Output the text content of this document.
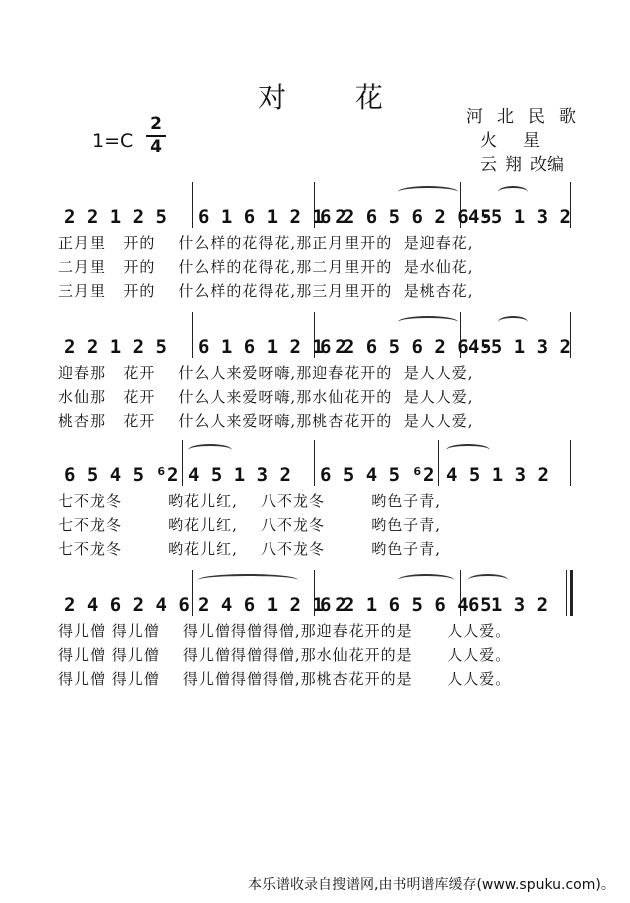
对 花
1=C
2
4
河北民歌
火星
云翔改编
2 2 1 2 5 6 1 6 1 2 1 2
6 2 6 5 6 2 6 5
4·5 1 3 2
正月里 开的 什么样的花得花,那正月里开的 是迎春花,
二月里 开的 什么样的花得花,那二月里开的 是水仙花,
三月里 开的 什么样的花得花,那三月里开的 是桃杏花,
2 2 1 2 5 6 1 6 1 2 1 2
6 2 6 5 6 2 6 5
4·5 1 3 2
迎春那 花开 什么人来爱呀嗨,那迎春花开的 是人人爱,
水仙那 花开 什么人来爱呀嗨,那水仙花开的 是人人爱,
桃杏那 花开 什么人来爱呀嗨,那桃杏花开的 是人人爱,
6 5 4 5 ⁶2 4 5 1 3 2 6 5 4 5 ⁶2 4 5 1 3 2
七不龙冬	哟花儿红, 八不龙冬	哟色子青,
七不龙冬	哟花儿红, 八不龙冬	哟色子青,
七不龙冬	哟花儿红, 八不龙冬	哟色子青,
2 4 6 2 4 6 2 4 6 1 2 1 2
6 2 1 6 5 6 4 5
6 1 3 2
得儿僧 得儿僧 得儿僧得僧得僧,那迎春花开的是 人人爱。
得儿僧 得儿僧 得儿僧得僧得僧,那水仙花开的是 人人爱。
得儿僧 得儿僧 得儿僧得僧得僧,那桃杏花开的是 人人爱。
本乐谱收录自搜谱网,由书明谱库缓存(www.spuku.com)。
